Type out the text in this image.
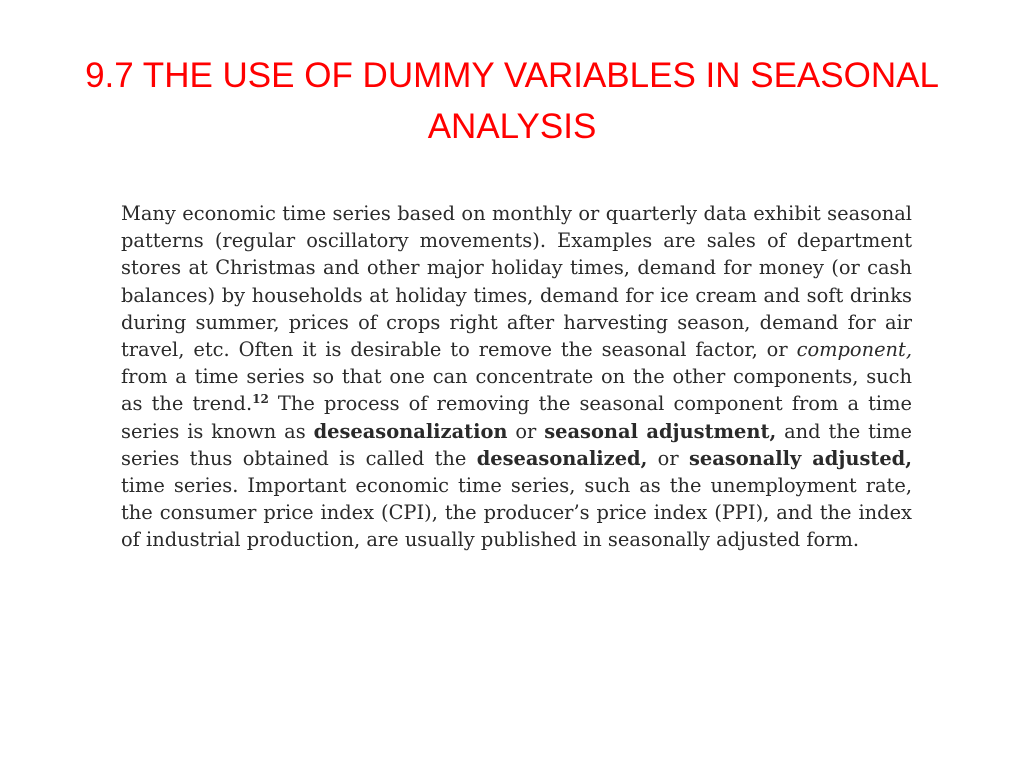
9.7 THE USE OF DUMMY VARIABLES IN SEASONAL ANALYSIS

Many economic time series based on monthly or quarterly data exhibit seasonal patterns (regular oscillatory movements). Examples are sales of department stores at Christmas and other major holiday times, demand for money (or cash balances) by households at holiday times, demand for ice cream and soft drinks during summer, prices of crops right after harvesting season, demand for air travel, etc. Often it is desirable to remove the seasonal factor, or component, from a time series so that one can concentrate on the other components, such as the trend.$^{12}$ The process of removing the seasonal component from a time series is known as deseasonalization or seasonal adjustment, and the time series thus obtained is called the deseasonalized, or seasonally adjusted, time series. Important economic time series, such as the unemployment rate, the consumer price index (CPI), the producer’s price index (PPI), and the index of industrial production, are usually published in seasonally adjusted form.
